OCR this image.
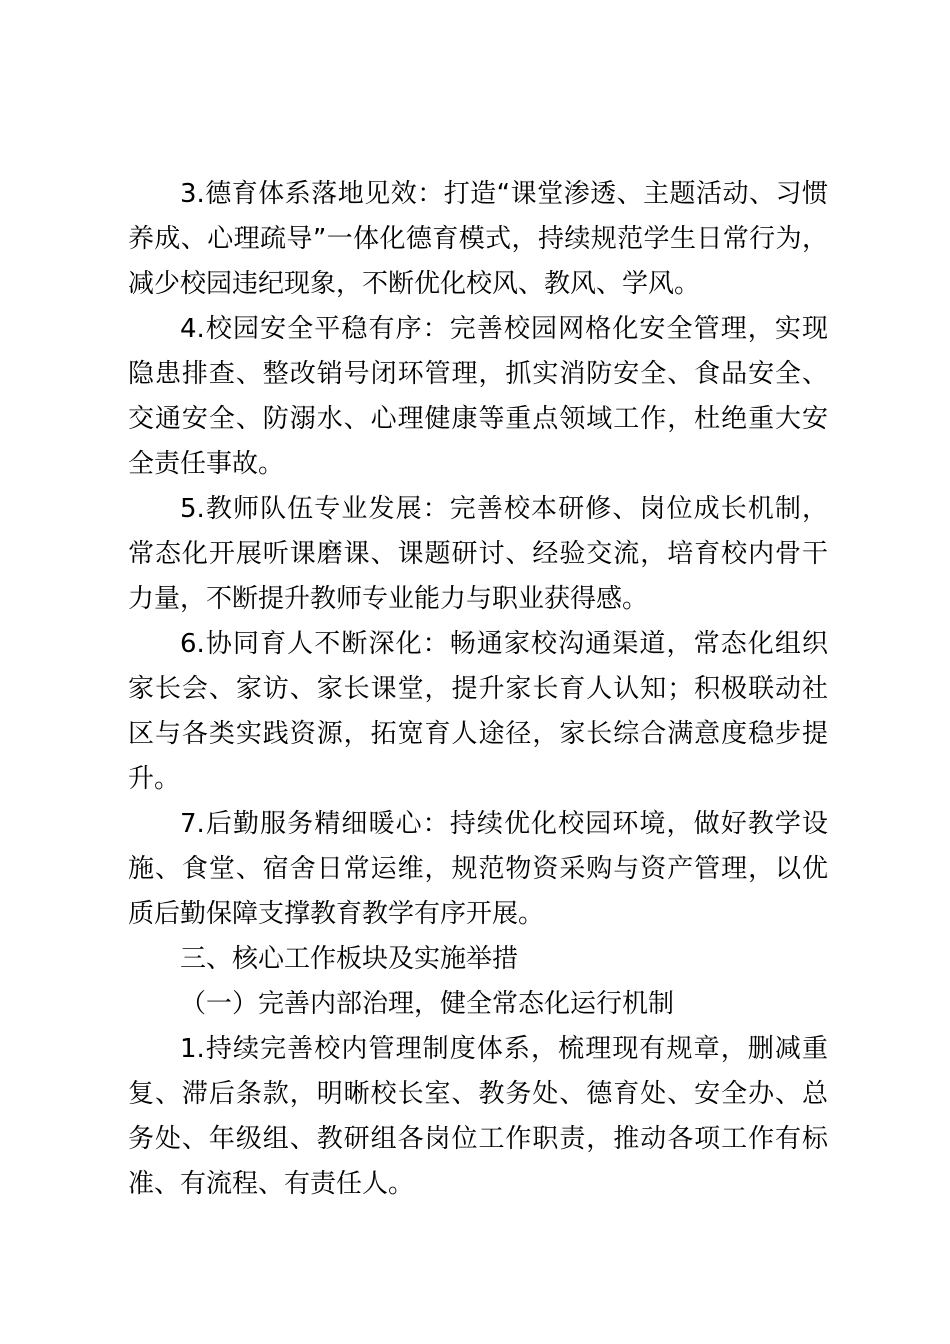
3.德育体系落地见效：打造“课堂渗透、主题活动、习惯养成、心理疏导”一体化德育模式，持续规范学生日常行为，减少校园违纪现象，不断优化校风、教风、学风。

4.校园安全平稳有序：完善校园网格化安全管理，实现隐患排查、整改销号闭环管理，抓实消防安全、食品安全、交通安全、防溺水、心理健康等重点领域工作，杜绝重大安全责任事故。

5.教师队伍专业发展：完善校本研修、岗位成长机制，常态化开展听课磨课、课题研讨、经验交流，培育校内骨干力量，不断提升教师专业能力与职业获得感。

6.协同育人不断深化：畅通家校沟通渠道，常态化组织家长会、家访、家长课堂，提升家长育人认知；积极联动社区与各类实践资源，拓宽育人途径，家长综合满意度稳步提升。

7.后勤服务精细暖心：持续优化校园环境，做好教学设施、食堂、宿舍日常运维，规范物资采购与资产管理，以优质后勤保障支撑教育教学有序开展。

三、核心工作板块及实施举措

（一）完善内部治理，健全常态化运行机制

1.持续完善校内管理制度体系，梳理现有规章，删减重复、滞后条款，明晰校长室、教务处、德育处、安全办、总务处、年级组、教研组各岗位工作职责，推动各项工作有标准、有流程、有责任人。
